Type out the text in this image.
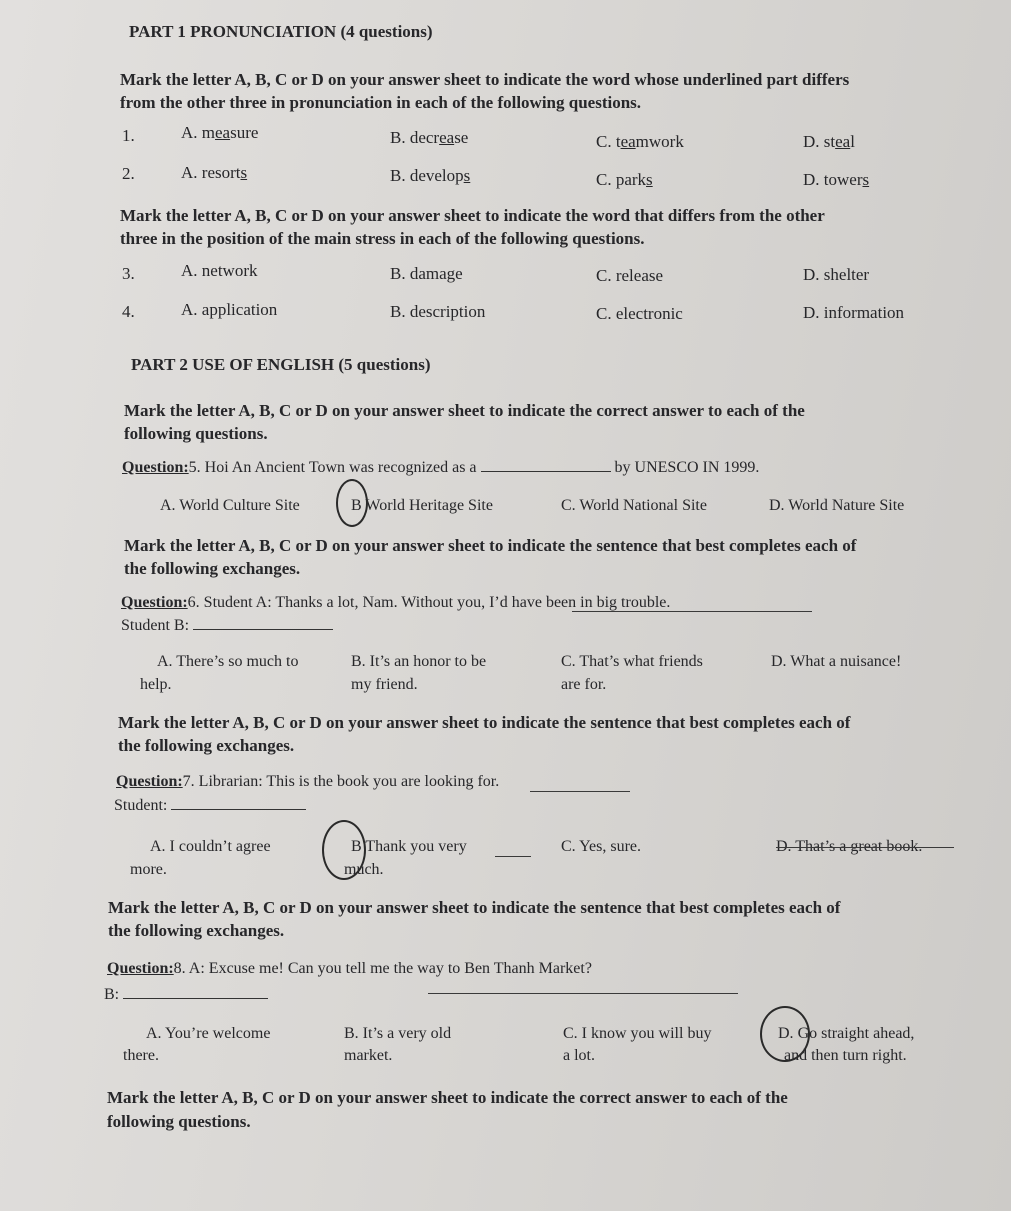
PART 1 PRONUNCIATION (4 questions)
Mark the letter A, B, C or D on your answer sheet to indicate the word whose underlined part differs
from the other three in pronunciation in each of the following questions.
1.	A. measure	B. decrease	C. teamwork	D. steal
2.	A. resorts	B. develops	C. parks	D. towers
Mark the letter A, B, C or D on your answer sheet to indicate the word that differs from the other
three in the position of the main stress in each of the following questions.
3.	A. network	B. damage	C. release	D. shelter
4.	A. application	B. description	C. electronic	D. information
PART 2 USE OF ENGLISH (5 questions)
Mark the letter A, B, C or D on your answer sheet to indicate the correct answer to each of the
following questions.
Question:5. Hoi An Ancient Town was recognized as a	by UNESCO IN 1999.
A. World Culture Site	B World Heritage Site	C. World National Site	D. World Nature Site
Mark the letter A, B, C or D on your answer sheet to indicate the sentence that best completes each of
the following exchanges.
Question:6. Student A: Thanks a lot, Nam. Without you, I’d have been in big trouble.
Student B:
A. There’s so much to
help.
B. It’s an honor to be
my friend.
C. That’s what friends
are for.
D. What a nuisance!
Mark the letter A, B, C or D on your answer sheet to indicate the sentence that best completes each of
the following exchanges.
Question:7. Librarian: This is the book you are looking for.
Student:
A. I couldn’t agree
more.
B Thank you very
much.
C. Yes, sure.	D. That’s a great book.
Mark the letter A, B, C or D on your answer sheet to indicate the sentence that best completes each of
the following exchanges.
Question:8. A: Excuse me! Can you tell me the way to Ben Thanh Market?
B:
A. You’re welcome
there.
B. It’s a very old
market.
C. I know you will buy
a lot.
D. Go straight ahead,
and then turn right.
Mark the letter A, B, C or D on your answer sheet to indicate the correct answer to each of the
following questions.
